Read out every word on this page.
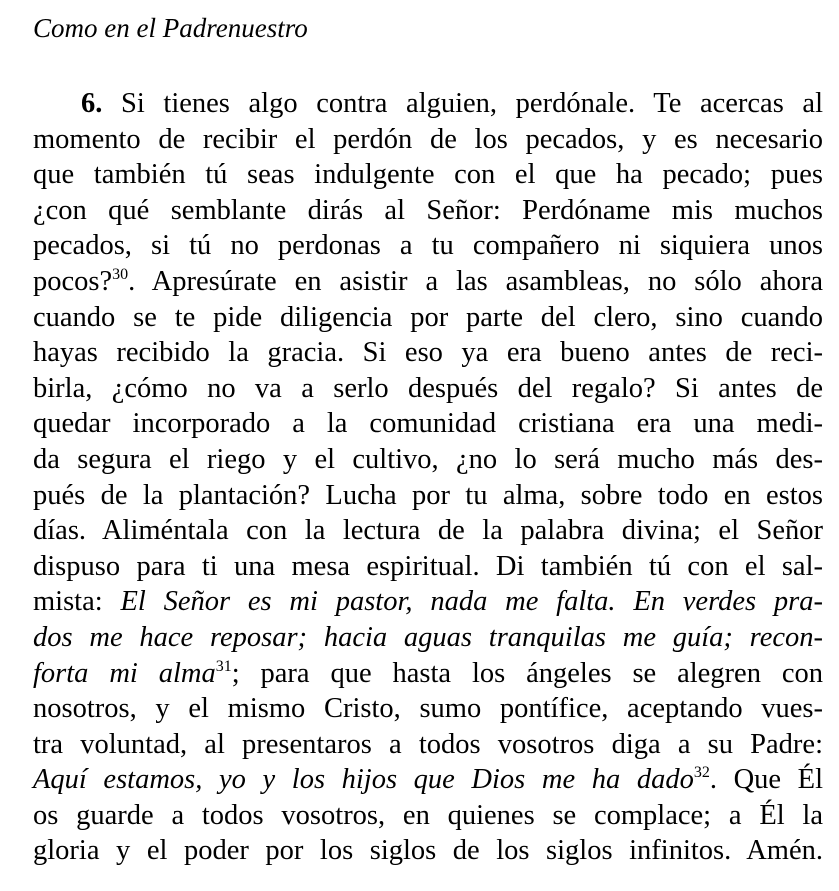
Como en el Padrenuestro
6. Si tienes algo contra alguien, perdónale. Te acercas al
momento de recibir el perdón de los pecados, y es necesario
que también tú seas indulgente con el que ha pecado; pues
¿con qué semblante dirás al Señor: Perdóname mis muchos
pecados, si tú no perdonas a tu compañero ni siquiera unos
pocos?$^{30}$. Apresúrate en asistir a las asambleas, no sólo ahora
cuando se te pide diligencia por parte del clero, sino cuando
hayas recibido la gracia. Si eso ya era bueno antes de reci-
birla, ¿cómo no va a serlo después del regalo? Si antes de
quedar incorporado a la comunidad cristiana era una medi-
da segura el riego y el cultivo, ¿no lo será mucho más des-
pués de la plantación? Lucha por tu alma, sobre todo en estos
días. Aliméntala con la lectura de la palabra divina; el Señor
dispuso para ti una mesa espiritual. Di también tú con el sal-
mista: El Señor es mi pastor, nada me falta. En verdes pra-
dos me hace reposar; hacia aguas tranquilas me guía; recon-
forta mi alma$^{31}$; para que hasta los ángeles se alegren con
nosotros, y el mismo Cristo, sumo pontífice, aceptando vues-
tra voluntad, al presentaros a todos vosotros diga a su Padre:
Aquí estamos, yo y los hijos que Dios me ha dado$^{32}$. Que Él
os guarde a todos vosotros, en quienes se complace; a Él la
gloria y el poder por los siglos de los siglos infinitos. Amén.
